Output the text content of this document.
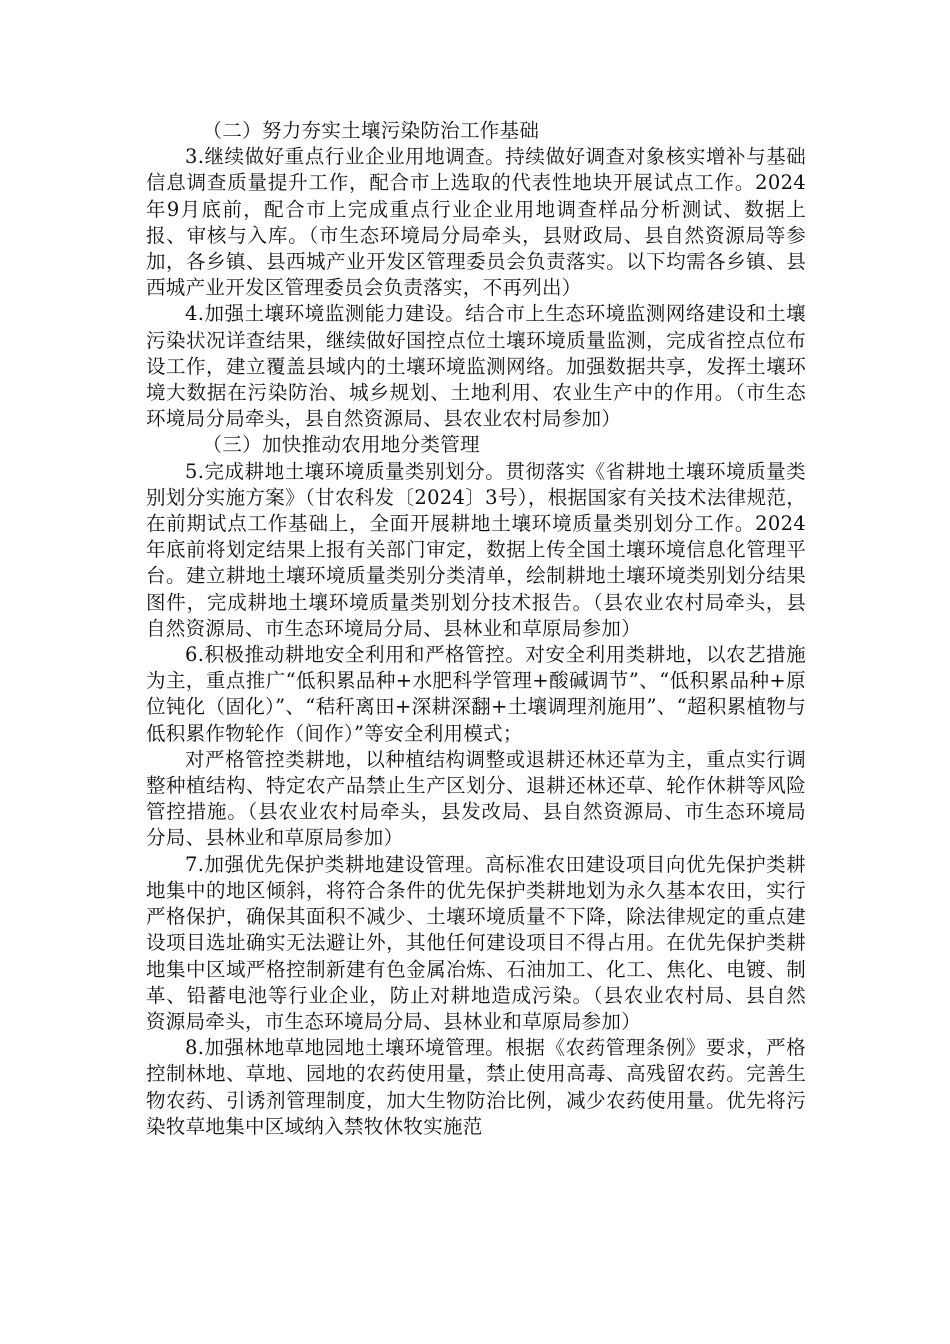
（二）努力夯实土壤污染防治工作基础

3.继续做好重点行业企业用地调查。持续做好调查对象核实增补与基础信息调查质量提升工作，配合市上选取的代表性地块开展试点工作。2024年9月底前，配合市上完成重点行业企业用地调查样品分析测试、数据上报、审核与入库。（市生态环境局分局牵头，县财政局、县自然资源局等参加，各乡镇、县西城产业开发区管理委员会负责落实。以下均需各乡镇、县西城产业开发区管理委员会负责落实，不再列出）

4.加强土壤环境监测能力建设。结合市上生态环境监测网络建设和土壤污染状况详查结果，继续做好国控点位土壤环境质量监测，完成省控点位布设工作，建立覆盖县域内的土壤环境监测网络。加强数据共享，发挥土壤环境大数据在污染防治、城乡规划、土地利用、农业生产中的作用。（市生态环境局分局牵头，县自然资源局、县农业农村局参加）

（三）加快推动农用地分类管理

5.完成耕地土壤环境质量类别划分。贯彻落实《省耕地土壤环境质量类别划分实施方案》（甘农科发〔2024〕3号），根据国家有关技术法律规范，在前期试点工作基础上，全面开展耕地土壤环境质量类别划分工作。2024年底前将划定结果上报有关部门审定，数据上传全国土壤环境信息化管理平台。建立耕地土壤环境质量类别分类清单，绘制耕地土壤环境类别划分结果图件，完成耕地土壤环境质量类别划分技术报告。（县农业农村局牵头，县自然资源局、市生态环境局分局、县林业和草原局参加）

6.积极推动耕地安全利用和严格管控。对安全利用类耕地，以农艺措施为主，重点推广“低积累品种+水肥科学管理+酸碱调节”、“低积累品种+原位钝化（固化）”、“秸秆离田+深耕深翻+土壤调理剂施用”、“超积累植物与低积累作物轮作（间作）”等安全利用模式；

对严格管控类耕地，以种植结构调整或退耕还林还草为主，重点实行调整种植结构、特定农产品禁止生产区划分、退耕还林还草、轮作休耕等风险管控措施。（县农业农村局牵头，县发改局、县自然资源局、市生态环境局分局、县林业和草原局参加）

7.加强优先保护类耕地建设管理。高标准农田建设项目向优先保护类耕地集中的地区倾斜，将符合条件的优先保护类耕地划为永久基本农田，实行严格保护，确保其面积不减少、土壤环境质量不下降，除法律规定的重点建设项目选址确实无法避让外，其他任何建设项目不得占用。在优先保护类耕地集中区域严格控制新建有色金属冶炼、石油加工、化工、焦化、电镀、制革、铅蓄电池等行业企业，防止对耕地造成污染。（县农业农村局、县自然资源局牵头，市生态环境局分局、县林业和草原局参加）

8.加强林地草地园地土壤环境管理。根据《农药管理条例》要求，严格控制林地、草地、园地的农药使用量，禁止使用高毒、高残留农药。完善生物农药、引诱剂管理制度，加大生物防治比例，减少农药使用量。优先将污染牧草地集中区域纳入禁牧休牧实施范
